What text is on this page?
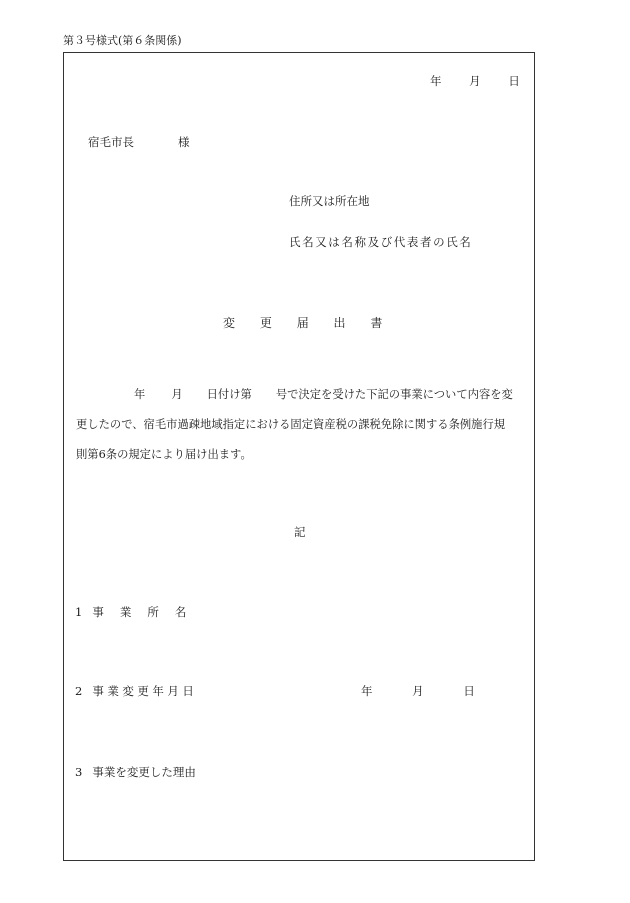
第３号様式(第６条関係)
年 月 日
宿毛市長	様
住所又は所在地
氏名又は名称及び代表者の氏名
変 更 届 出 書
年 月 日付け第 号で決定を受けた下記の事業について内容を変
更したので、宿毛市過疎地域指定における固定資産税の課税免除に関する条例施行規
則第6条の規定により届け出ます。
記
1 事業所名
2 事業変更年月日	年	月	日
3 事業を変更した理由
